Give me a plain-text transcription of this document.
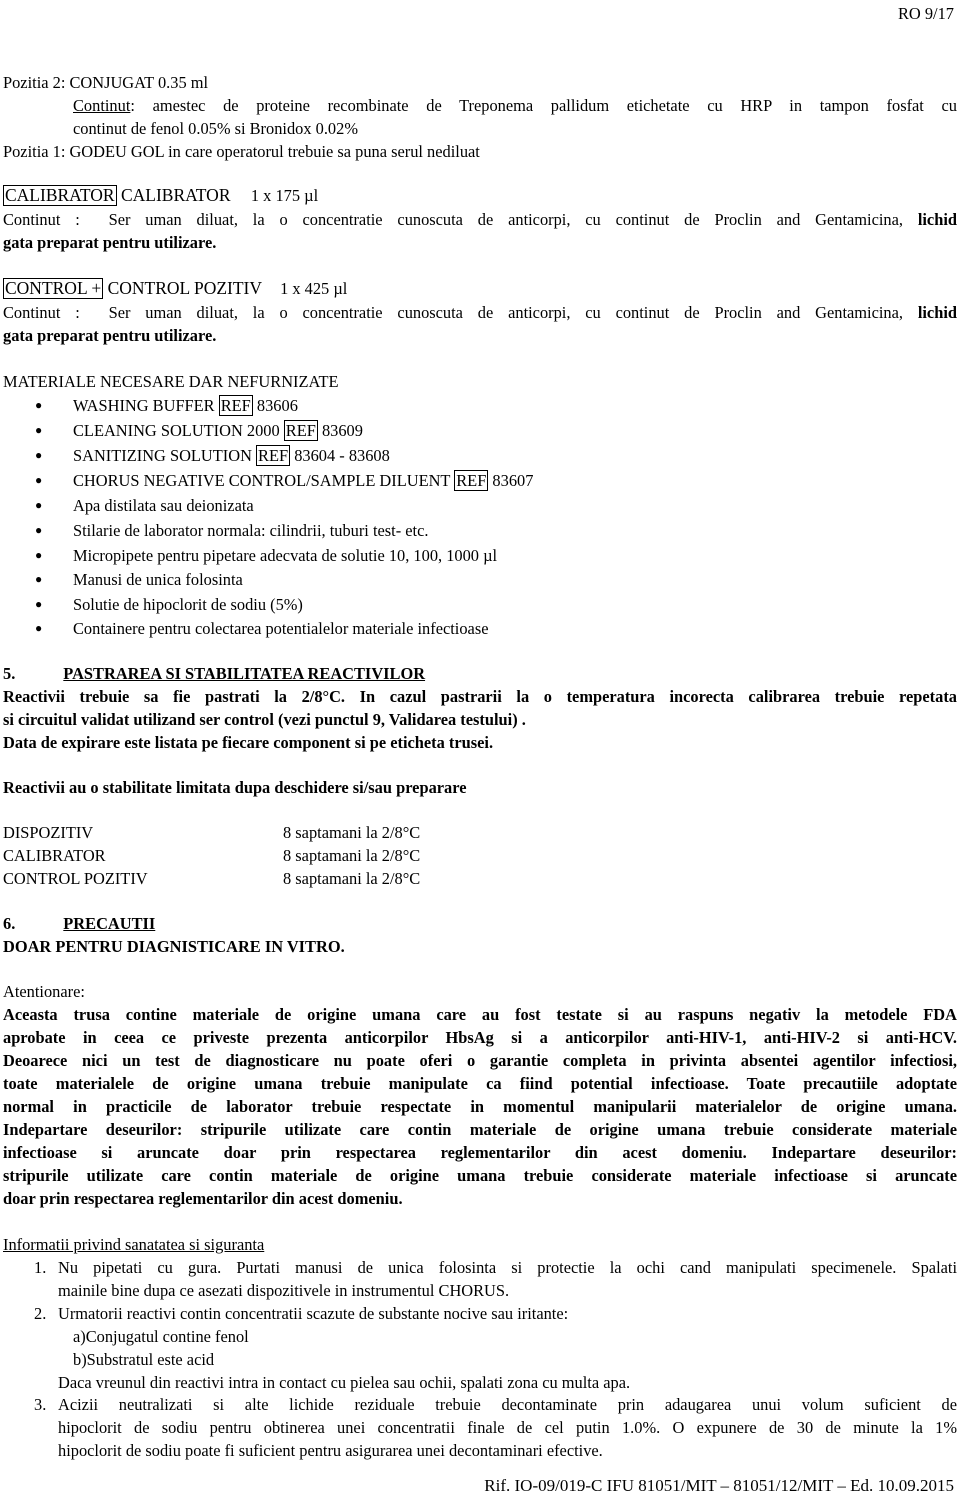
RO 9/17
Pozitia 2: CONJUGAT 0.35 ml
Continut: amestec de proteine recombinate de Treponema pallidum etichetate cu HRP in tampon fosfat cu
continut de fenol 0.05% si Bronidox 0.02%
Pozitia 1: GODEU GOL in care operatorul trebuie sa puna serul nediluat
CALIBRATOR CALIBRATOR 1 x 175 µl
Continut : Ser uman diluat, la o concentratie cunoscuta de anticorpi, cu continut de Proclin and Gentamicina, lichid
gata preparat pentru utilizare.
CONTROL + CONTROL POZITIV 1 x 425 µl
Continut : Ser uman diluat, la o concentratie cunoscuta de anticorpi, cu continut de Proclin and Gentamicina, lichid
gata preparat pentru utilizare.
MATERIALE NECESARE DAR NEFURNIZATE
● WASHING BUFFER REF 83606
● CLEANING SOLUTION 2000 REF 83609
● SANITIZING SOLUTION REF 83604 - 83608
● CHORUS NEGATIVE CONTROL/SAMPLE DILUENT REF 83607
● Apa distilata sau deionizata
● Stilarie de laborator normala: cilindrii, tuburi test- etc.
● Micropipete pentru pipetare adecvata de solutie 10, 100, 1000 µl
● Manusi de unica folosinta
● Solutie de hipoclorit de sodiu (5%)
● Containere pentru colectarea potentialelor materiale infectioase
5.	PASTRAREA SI STABILITATEA REACTIVILOR
Reactivii trebuie sa fie pastrati la 2/8°C. In cazul pastrarii la o temperatura incorecta calibrarea trebuie repetata
si circuitul validat utilizand ser control (vezi punctul 9, Validarea testului) .
Data de expirare este listata pe fiecare component si pe eticheta trusei.
Reactivii au o stabilitate limitata dupa deschidere si/sau preparare
DISPOZITIV	8 saptamani la 2/8°C
CALIBRATOR	8 saptamani la 2/8°C
CONTROL POZITIV	8 saptamani la 2/8°C
6.	PRECAUTII
DOAR PENTRU DIAGNISTICARE IN VITRO.
Atentionare:
Aceasta trusa contine materiale de origine umana care au fost testate si au raspuns negativ la metodele FDA
aprobate in ceea ce priveste prezenta anticorpilor HbsAg si a anticorpilor anti-HIV-1, anti-HIV-2 si anti-HCV.
Deoarece nici un test de diagnosticare nu poate oferi o garantie completa in privinta absentei agentilor infectiosi,
toate materialele de origine umana trebuie manipulate ca fiind potential infectioase. Toate precautiile adoptate
normal in practicile de laborator trebuie respectate in momentul manipularii materialelor de origine umana.
Indepartare deseurilor: stripurile utilizate care contin materiale de origine umana trebuie considerate materiale
infectioase si aruncate doar prin respectarea reglementarilor din acest domeniu. Indepartare deseurilor:
stripurile utilizate care contin materiale de origine umana trebuie considerate materiale infectioase si aruncate
doar prin respectarea reglementarilor din acest domeniu.
Informatii privind sanatatea si siguranta
1. Nu pipetati cu gura. Purtati manusi de unica folosinta si protectie la ochi cand manipulati specimenele. Spalati
mainile bine dupa ce asezati dispozitivele in instrumentul CHORUS.
2. Urmatorii reactivi contin concentratii scazute de substante nocive sau iritante:
a)Conjugatul contine fenol
b)Substratul este acid
Daca vreunul din reactivi intra in contact cu pielea sau ochii, spalati zona cu multa apa.
3. Acizii neutralizati si alte lichide reziduale trebuie decontaminate prin adaugarea unui volum suficient de
hipoclorit de sodiu pentru obtinerea unei concentratii finale de cel putin 1.0%. O expunere de 30 de minute la 1%
hipoclorit de sodiu poate fi suficient pentru asigurarea unei decontaminari efective.
Rif. IO-09/019-C IFU 81051/MIT – 81051/12/MIT – Ed. 10.09.2015
